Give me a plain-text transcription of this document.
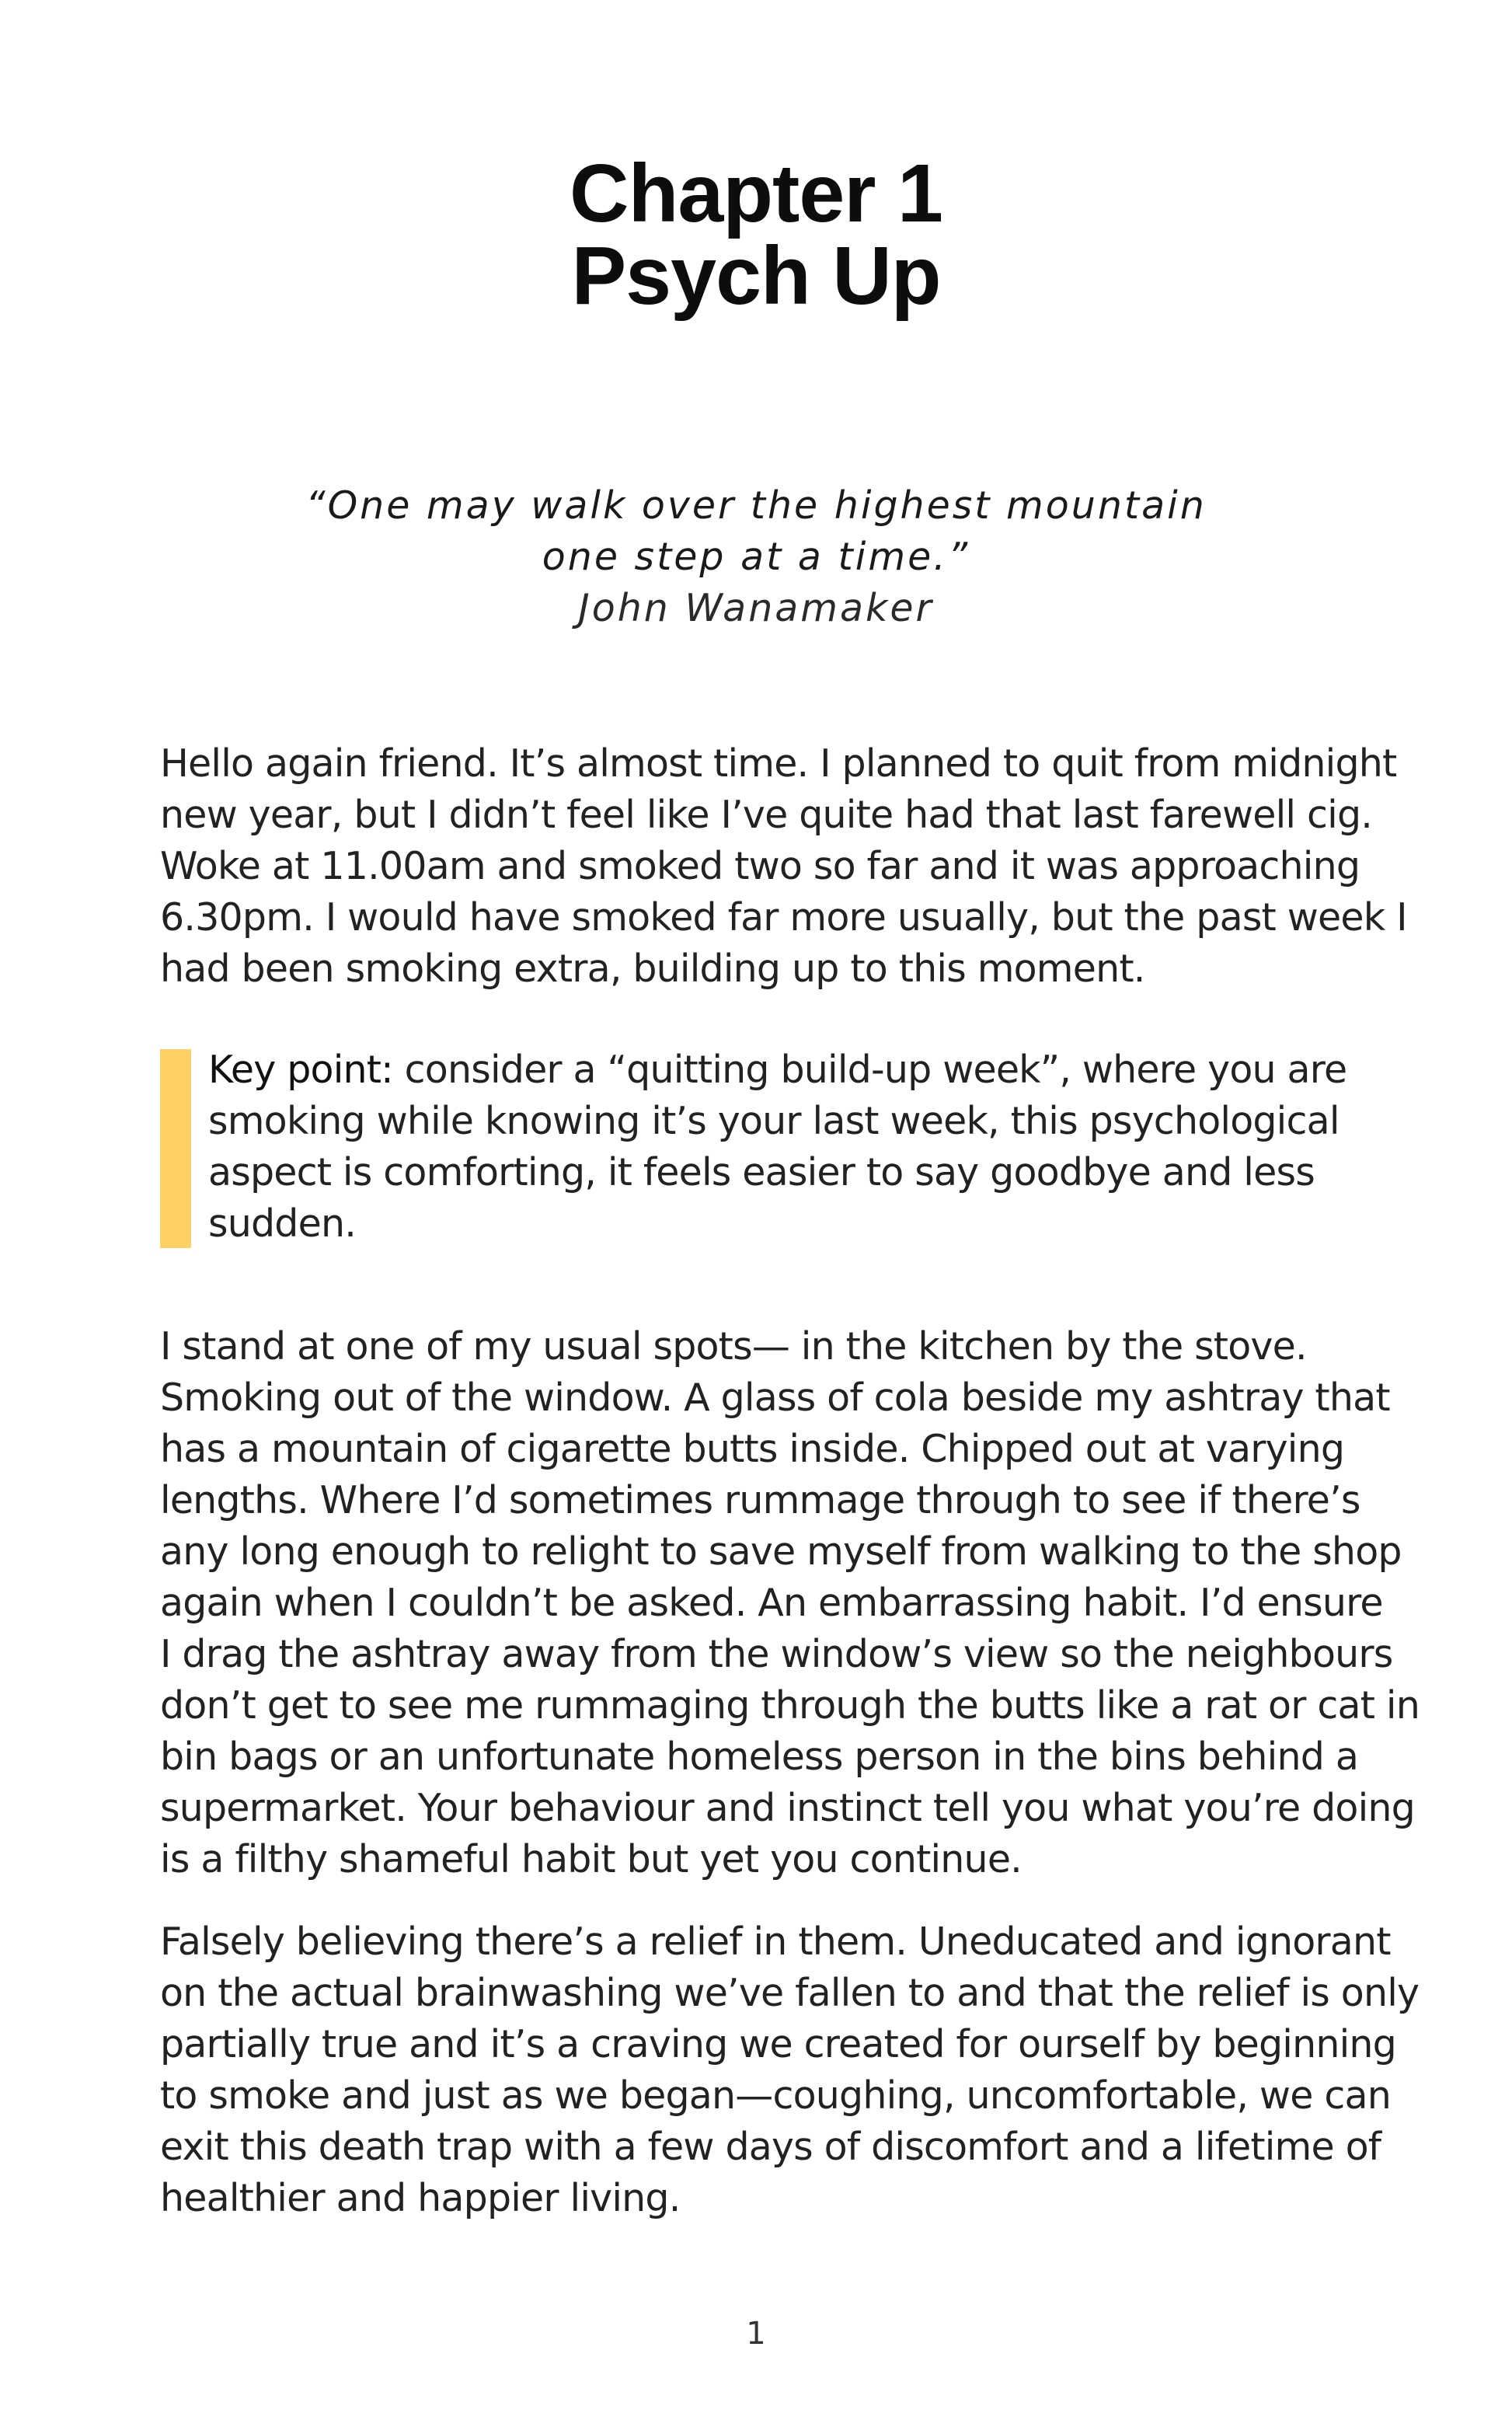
Chapter 1
Psych Up
“One may walk over the highest mountain
one step at a time.”
John Wanamaker
Hello again friend. It’s almost time. I planned to quit from midnight
new year, but I didn’t feel like I’ve quite had that last farewell cig.
Woke at 11.00am and smoked two so far and it was approaching
6.30pm. I would have smoked far more usually, but the past week I
had been smoking extra, building up to this moment.
Key point: consider a “quitting build-up week”, where you are
smoking while knowing it’s your last week, this psychological
aspect is comforting, it feels easier to say goodbye and less
sudden.
I stand at one of my usual spots— in the kitchen by the stove.
Smoking out of the window. A glass of cola beside my ashtray that
has a mountain of cigarette butts inside. Chipped out at varying
lengths. Where I’d sometimes rummage through to see if there’s
any long enough to relight to save myself from walking to the shop
again when I couldn’t be asked. An embarrassing habit. I’d ensure
I drag the ashtray away from the window’s view so the neighbours
don’t get to see me rummaging through the butts like a rat or cat in
bin bags or an unfortunate homeless person in the bins behind a
supermarket. Your behaviour and instinct tell you what you’re doing
is a filthy shameful habit but yet you continue.
Falsely believing there’s a relief in them. Uneducated and ignorant
on the actual brainwashing we’ve fallen to and that the relief is only
partially true and it’s a craving we created for ourself by beginning
to smoke and just as we began—coughing, uncomfortable, we can
exit this death trap with a few days of discomfort and a lifetime of
healthier and happier living.
1
